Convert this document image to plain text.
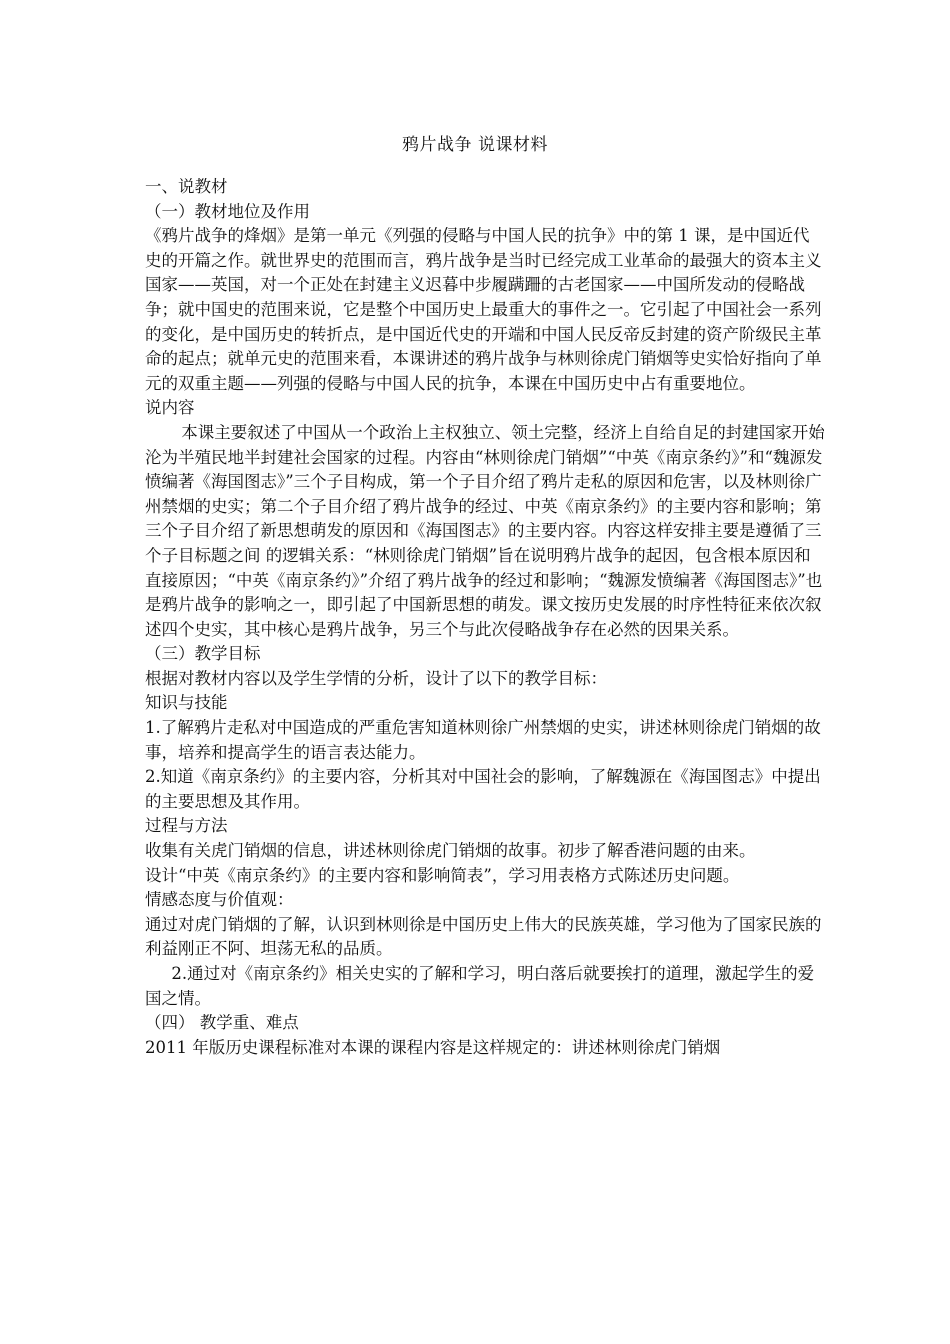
鸦片战争 说课材料

一、说教材

（一）教材地位及作用

《鸦片战争的烽烟》是第一单元《列强的侵略与中国人民的抗争》中的第 1 课，是中国近代史的开篇之作。就世界史的范围而言，鸦片战争是当时已经完成工业革命的最强大的资本主义国家——英国，对一个正处在封建主义迟暮中步履蹒跚的古老国家——中国所发动的侵略战争；就中国史的范围来说，它是整个中国历史上最重大的事件之一。它引起了中国社会一系列的变化，是中国历史的转折点，是中国近代史的开端和中国人民反帝反封建的资产阶级民主革命的起点；就单元史的范围来看，本课讲述的鸦片战争与林则徐虎门销烟等史实恰好指向了单元的双重主题——列强的侵略与中国人民的抗争，本课在中国历史中占有重要地位。

说内容

本课主要叙述了中国从一个政治上主权独立、领土完整，经济上自给自足的封建国家开始沦为半殖民地半封建社会国家的过程。内容由“林则徐虎门销烟”“中英《南京条约》”和“魏源发愤编著《海国图志》”三个子目构成，第一个子目介绍了鸦片走私的原因和危害，以及林则徐广州禁烟的史实；第二个子目介绍了鸦片战争的经过、中英《南京条约》的主要内容和影响；第三个子目介绍了新思想萌发的原因和《海国图志》的主要内容。内容这样安排主要是遵循了三个子目标题之间 的逻辑关系：“林则徐虎门销烟”旨在说明鸦片战争的起因，包含根本原因和直接原因；“中英《南京条约》”介绍了鸦片战争的经过和影响；“魏源发愤编著《海国图志》”也是鸦片战争的影响之一，即引起了中国新思想的萌发。课文按历史发展的时序性特征来依次叙述四个史实，其中核心是鸦片战争，另三个与此次侵略战争存在必然的因果关系。

（三）教学目标

根据对教材内容以及学生学情的分析，设计了以下的教学目标：

知识与技能

1.了解鸦片走私对中国造成的严重危害知道林则徐广州禁烟的史实，讲述林则徐虎门销烟的故事，培养和提高学生的语言表达能力。

2.知道《南京条约》的主要内容，分析其对中国社会的影响，了解魏源在《海国图志》中提出的主要思想及其作用。

过程与方法

收集有关虎门销烟的信息，讲述林则徐虎门销烟的故事。初步了解香港问题的由来。

设计“中英《南京条约》的主要内容和影响简表”，学习用表格方式陈述历史问题。

情感态度与价值观：

通过对虎门销烟的了解，认识到林则徐是中国历史上伟大的民族英雄，学习他为了国家民族的利益刚正不阿、坦荡无私的品质。

2.通过对《南京条约》相关史实的了解和学习，明白落后就要挨打的道理，激起学生的爱国之情。

（四） 教学重、难点

2011 年版历史课程标准对本课的课程内容是这样规定的：讲述林则徐虎门销烟
